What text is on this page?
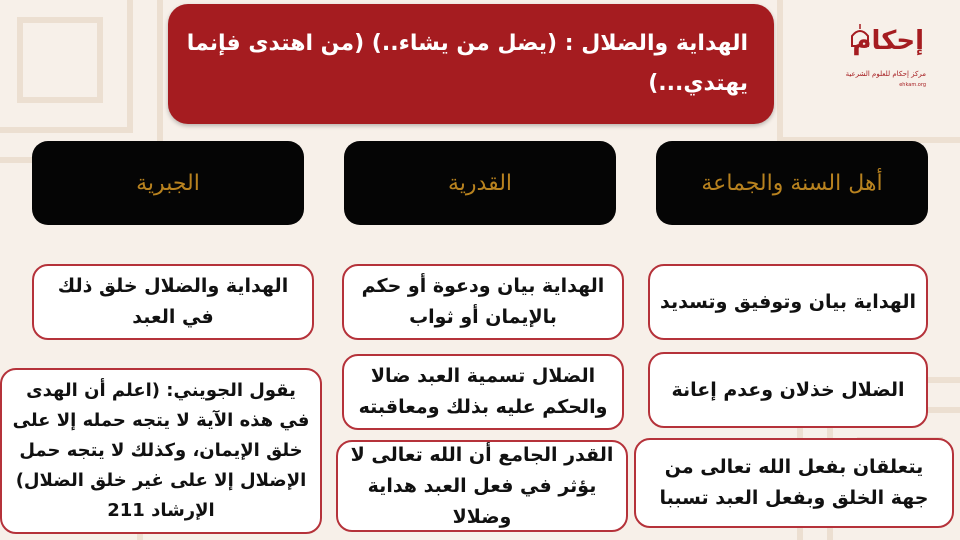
الهداية والضلال : (يضل من يشاء..) (من اهتدى فإنما يهتدي...)
إحكام
مركز إحكام للعلوم الشرعية
ehkam.org
أهل السنة والجماعة
القدرية
الجبرية
الهداية بيان وتوفيق وتسديد
الضلال خذلان وعدم إعانة
يتعلقان بفعل الله تعالى من جهة الخلق وبفعل العبد تسببا
الهداية بيان ودعوة أو حكم بالإيمان أو ثواب
الضلال تسمية العبد ضالا والحكم عليه بذلك ومعاقبته
القدر الجامع أن الله تعالى لا يؤثر في فعل العبد هداية وضلالا
الهداية والضلال خلق ذلك في العبد
يقول الجويني: (اعلم أن الهدى في هذه الآية لا يتجه حمله إلا على خلق الإيمان، وكذلك لا يتجه حمل الإضلال إلا على غير خلق الضلال) الإرشاد 211
